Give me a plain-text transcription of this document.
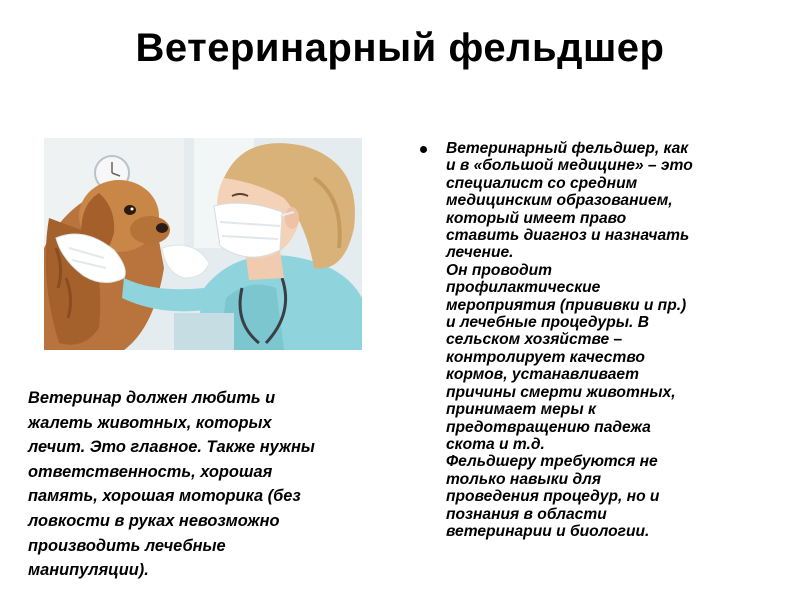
Ветеринарный фельдшер
Ветеринарный фельдшер, как
и в «большой медицине» – это
специалист со средним
медицинским образованием,
который имеет право
ставить диагноз и назначать
лечение.
Он проводит
профилактические
мероприятия (прививки и пр.)
и лечебные процедуры. В
сельском хозяйстве –
контролирует качество
кормов, устанавливает
причины смерти животных,
принимает меры к
предотвращению падежа
скота и т.д.
Фельдшеру требуются не
только навыки для
проведения процедур, но и
познания в области
ветеринарии и биологии.
Ветеринар должен любить и
жалеть животных, которых
лечит. Это главное. Также нужны
ответственность, хорошая
память, хорошая моторика (без
ловкости в руках невозможно
производить лечебные
манипуляции).
